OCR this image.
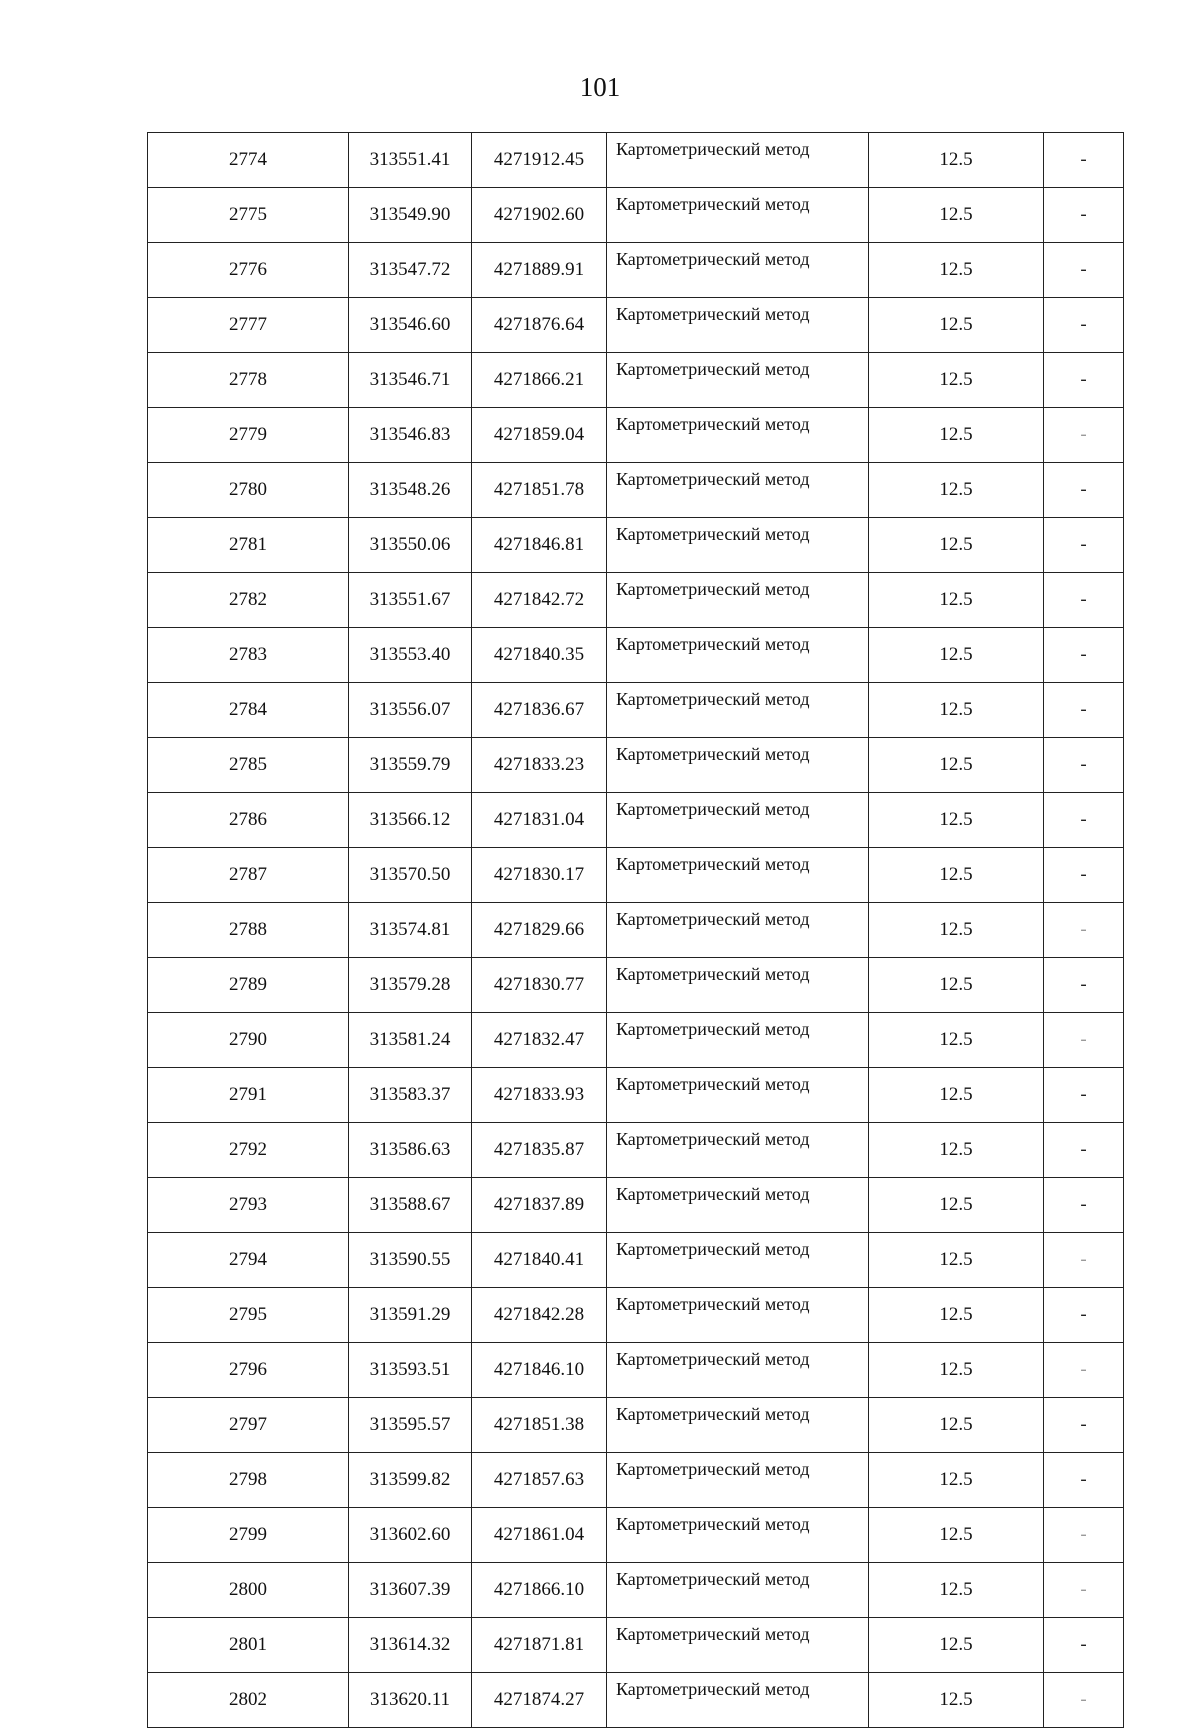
101
2774	313551.41	4271912.45	Картометрический метод	12.5	-
2775	313549.90	4271902.60	Картометрический метод	12.5	-
2776	313547.72	4271889.91	Картометрический метод	12.5	-
2777	313546.60	4271876.64	Картометрический метод	12.5	-
2778	313546.71	4271866.21	Картометрический метод	12.5	-
2779	313546.83	4271859.04	Картометрический метод	12.5	-
2780	313548.26	4271851.78	Картометрический метод	12.5	-
2781	313550.06	4271846.81	Картометрический метод	12.5	-
2782	313551.67	4271842.72	Картометрический метод	12.5	-
2783	313553.40	4271840.35	Картометрический метод	12.5	-
2784	313556.07	4271836.67	Картометрический метод	12.5	-
2785	313559.79	4271833.23	Картометрический метод	12.5	-
2786	313566.12	4271831.04	Картометрический метод	12.5	-
2787	313570.50	4271830.17	Картометрический метод	12.5	-
2788	313574.81	4271829.66	Картометрический метод	12.5	-
2789	313579.28	4271830.77	Картометрический метод	12.5	-
2790	313581.24	4271832.47	Картометрический метод	12.5	-
2791	313583.37	4271833.93	Картометрический метод	12.5	-
2792	313586.63	4271835.87	Картометрический метод	12.5	-
2793	313588.67	4271837.89	Картометрический метод	12.5	-
2794	313590.55	4271840.41	Картометрический метод	12.5	-
2795	313591.29	4271842.28	Картометрический метод	12.5	-
2796	313593.51	4271846.10	Картометрический метод	12.5	-
2797	313595.57	4271851.38	Картометрический метод	12.5	-
2798	313599.82	4271857.63	Картометрический метод	12.5	-
2799	313602.60	4271861.04	Картометрический метод	12.5	-
2800	313607.39	4271866.10	Картометрический метод	12.5	-
2801	313614.32	4271871.81	Картометрический метод	12.5	-
2802	313620.11	4271874.27	Картометрический метод	12.5	-
